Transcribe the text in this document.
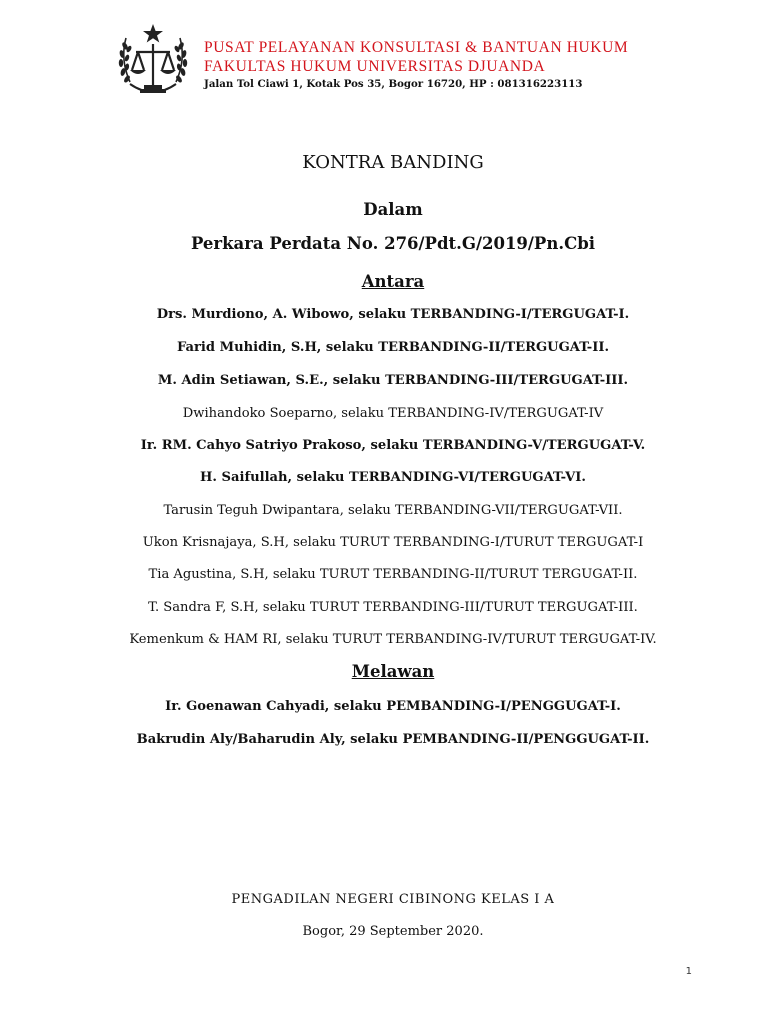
PUSAT PELAYANAN KONSULTASI & BANTUAN HUKUM
FAKULTAS HUKUM UNIVERSITAS DJUANDA
Jalan Tol Ciawi 1, Kotak Pos 35, Bogor 16720, HP : 081316223113
KONTRA BANDING
Dalam
Perkara Perdata No. 276/Pdt.G/2019/Pn.Cbi
Antara
Drs. Murdiono, A. Wibowo, selaku TERBANDING-I/TERGUGAT-I.
Farid Muhidin, S.H, selaku TERBANDING-II/TERGUGAT-II.
M. Adin Setiawan, S.E., selaku TERBANDING-III/TERGUGAT-III.
Dwihandoko Soeparno, selaku TERBANDING-IV/TERGUGAT-IV
Ir. RM. Cahyo Satriyo Prakoso, selaku TERBANDING-V/TERGUGAT-V.
H. Saifullah, selaku TERBANDING-VI/TERGUGAT-VI.
Tarusin Teguh Dwipantara, selaku TERBANDING-VII/TERGUGAT-VII.
Ukon Krisnajaya, S.H, selaku TURUT TERBANDING-I/TURUT TERGUGAT-I
Tia Agustina, S.H, selaku TURUT TERBANDING-II/TURUT TERGUGAT-II.
T. Sandra F, S.H, selaku TURUT TERBANDING-III/TURUT TERGUGAT-III.
Kemenkum & HAM RI, selaku TURUT TERBANDING-IV/TURUT TERGUGAT-IV.
Melawan
Ir. Goenawan Cahyadi, selaku PEMBANDING-I/PENGGUGAT-I.
Bakrudin Aly/Baharudin Aly, selaku PEMBANDING-II/PENGGUGAT-II.
PENGADILAN NEGERI CIBINONG KELAS I A
Bogor, 29 September 2020.
1
